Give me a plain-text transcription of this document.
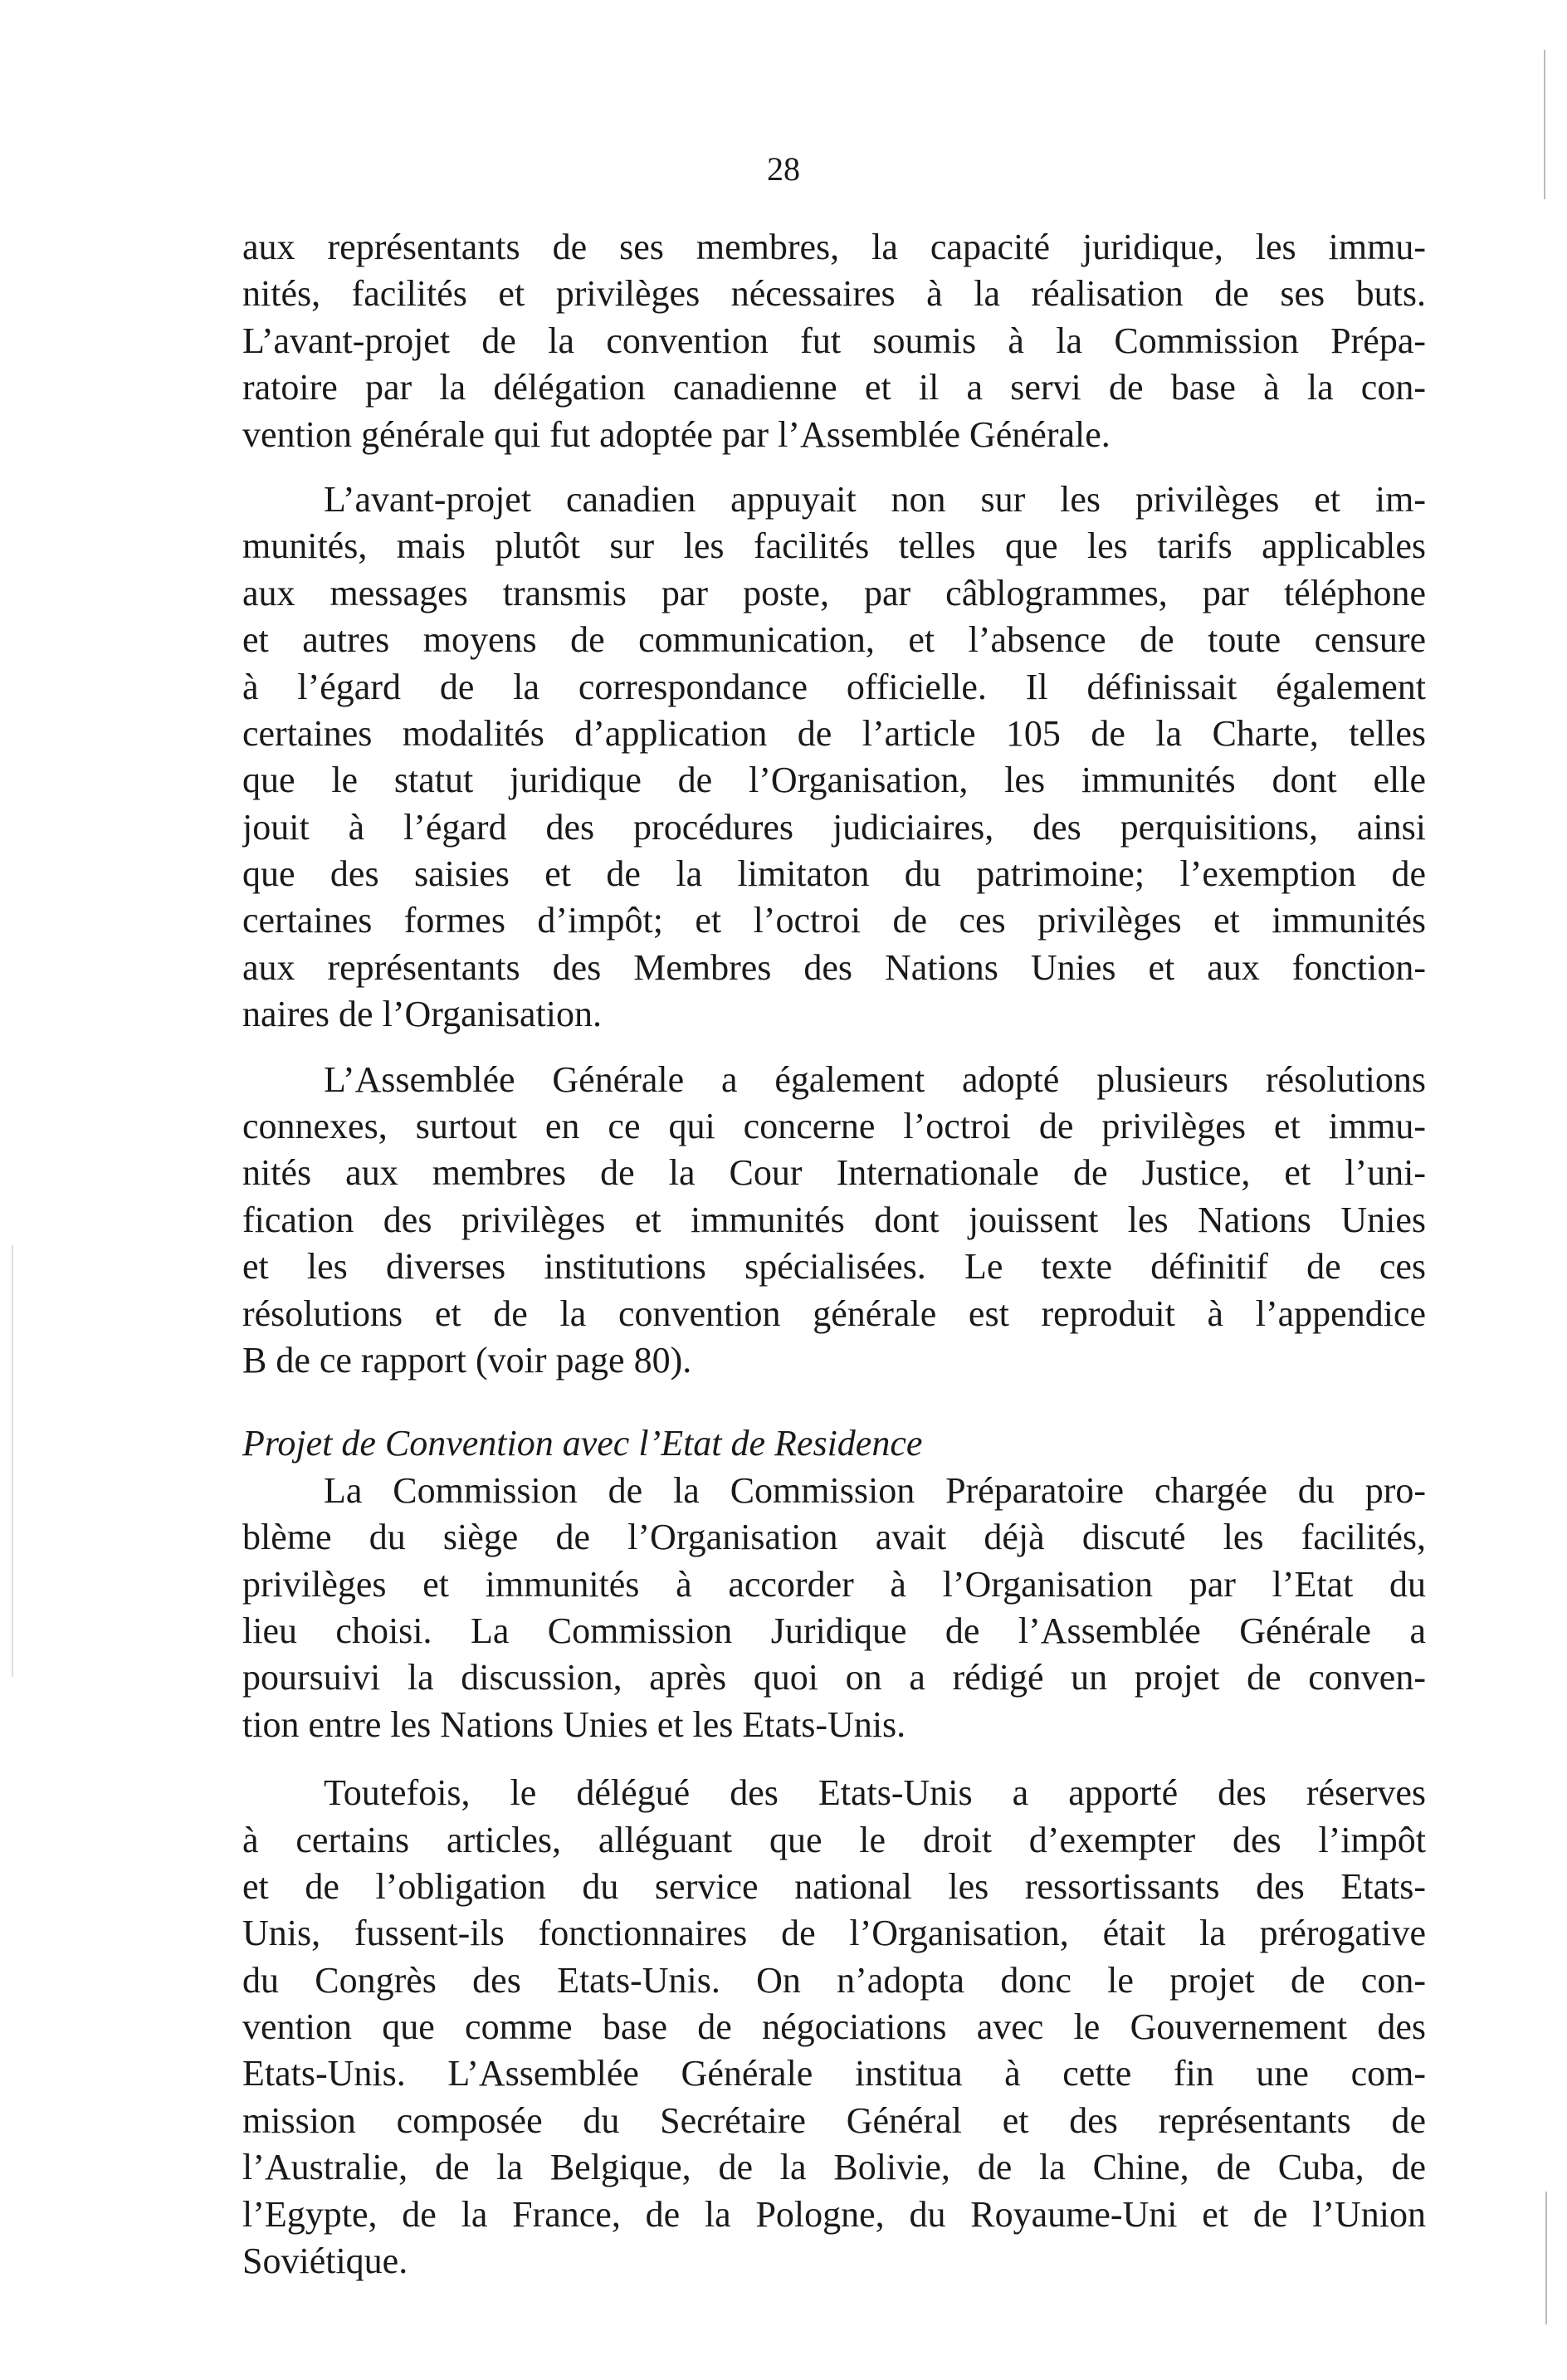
28
aux représentants de ses membres, la capacité juridique, les immu-
nités, facilités et privilèges nécessaires à la réalisation de ses buts.
L’avant-projet de la convention fut soumis à la Commission Prépa-
ratoire par la délégation canadienne et il a servi de base à la con-
vention générale qui fut adoptée par l’Assemblée Générale.
L’avant-projet canadien appuyait non sur les privilèges et im-
munités, mais plutôt sur les facilités telles que les tarifs applicables
aux messages transmis par poste, par câblogrammes, par téléphone
et autres moyens de communication, et l’absence de toute censure
à l’égard de la correspondance officielle. Il définissait également
certaines modalités d’application de l’article 105 de la Charte, telles
que le statut juridique de l’Organisation, les immunités dont elle
jouit à l’égard des procédures judiciaires, des perquisitions, ainsi
que des saisies et de la limitaton du patrimoine; l’exemption de
certaines formes d’impôt; et l’octroi de ces privilèges et immunités
aux représentants des Membres des Nations Unies et aux fonction-
naires de l’Organisation.
L’Assemblée Générale a également adopté plusieurs résolutions
connexes, surtout en ce qui concerne l’octroi de privilèges et immu-
nités aux membres de la Cour Internationale de Justice, et l’uni-
fication des privilèges et immunités dont jouissent les Nations Unies
et les diverses institutions spécialisées. Le texte définitif de ces
résolutions et de la convention générale est reproduit à l’appendice
B de ce rapport (voir page 80).
Projet de Convention avec l’Etat de Residence
La Commission de la Commission Préparatoire chargée du pro-
blème du siège de l’Organisation avait déjà discuté les facilités,
privilèges et immunités à accorder à l’Organisation par l’Etat du
lieu choisi. La Commission Juridique de l’Assemblée Générale a
poursuivi la discussion, après quoi on a rédigé un projet de conven-
tion entre les Nations Unies et les Etats-Unis.
Toutefois, le délégué des Etats-Unis a apporté des réserves
à certains articles, alléguant que le droit d’exempter des l’impôt
et de l’obligation du service national les ressortissants des Etats-
Unis, fussent-ils fonctionnaires de l’Organisation, était la prérogative
du Congrès des Etats-Unis. On n’adopta donc le projet de con-
vention que comme base de négociations avec le Gouvernement des
Etats-Unis. L’Assemblée Générale institua à cette fin une com-
mission composée du Secrétaire Général et des représentants de
l’Australie, de la Belgique, de la Bolivie, de la Chine, de Cuba, de
l’Egypte, de la France, de la Pologne, du Royaume-Uni et de l’Union
Soviétique.
